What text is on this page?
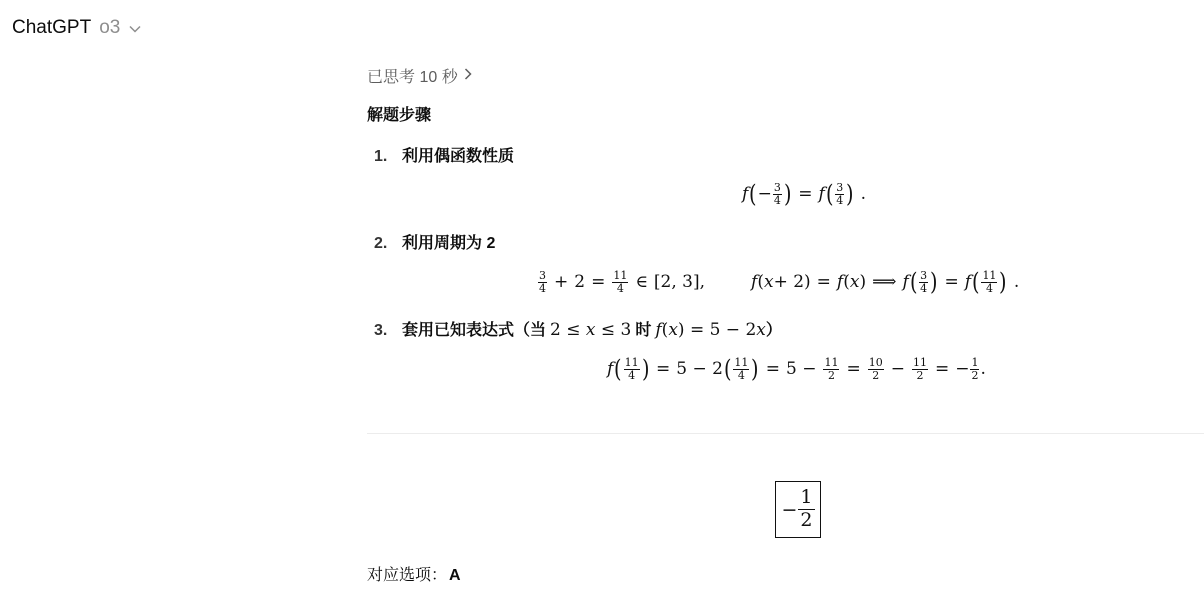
ChatGPT o3
已思考 10 秒
解题步骤
1. 利用偶函数性质
f ( − $\frac{3}{4}$ ) = f ( $\frac{3}{4}$ ) .
2. 利用周期为 2
$\frac{3}{4} + 2 = \frac{11}{4}$ ∈ [2, 3],	f ( x + 2) = f ( x ) ⟹ f ( $\frac{3}{4}$ ) = f ( $\frac{11}{4}$ ) .
3. 套用已知表达式（当 2 ≤ x ≤ 3 时 f(x) = 5 − 2x ）
f ( $\frac{11}{4}$ ) = 5 − 2 ( $\frac{11}{4}$ ) = $5 - \frac{11}{2} = \frac{10}{2} - \frac{11}{2}$ = − $\frac{1}{2}$ .
− $\frac{1}{2}$
对应选项： A
